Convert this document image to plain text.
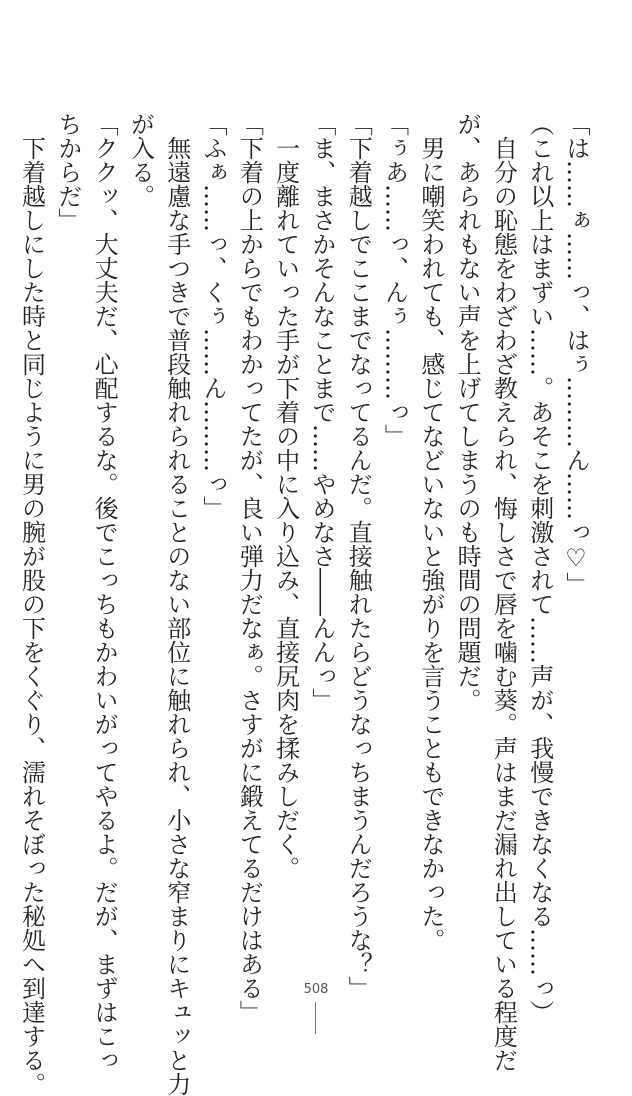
「は……ぁ……っ、はぅ………ん……っ♡」

（これ以上はまずい……。あそこを刺激されて……声が、我慢できなくなる……っ）

　自分の恥態をわざわざ教えられ、悔しさで唇を噛む葵。声はまだ漏れ出している程度だ

が、あられもない声を上げてしまうのも時間の問題だ。

　男に嘲笑われても、感じてなどいないと強がりを言うこともできなかった。

「ぅあ……っ、んぅ………っ」

「下着越しでここまでなってるんだ。直接触れたらどうなっちまうんだろうな？」

「ま、まさかそんなことまで……やめなさ――んんっ」

　一度離れていった手が下着の中に入り込み、直接尻肉を揉みしだく。

「下着の上からでもわかってたが、良い弾力だなぁ。さすがに鍛えてるだけはある」

「ふぁ……っ、くぅ……ん………っ」

　無遠慮な手つきで普段触れられることのない部位に触れられ、小さな窄まりにキュッと力

が入る。

「ククッ、大丈夫だ、心配するな。後でこっちもかわいがってやるよ。だが、まずはこっ

ちからだ」

　下着越しにした時と同じように男の腕が股の下をくぐり、濡れそぼった秘処へ到達する。	508
